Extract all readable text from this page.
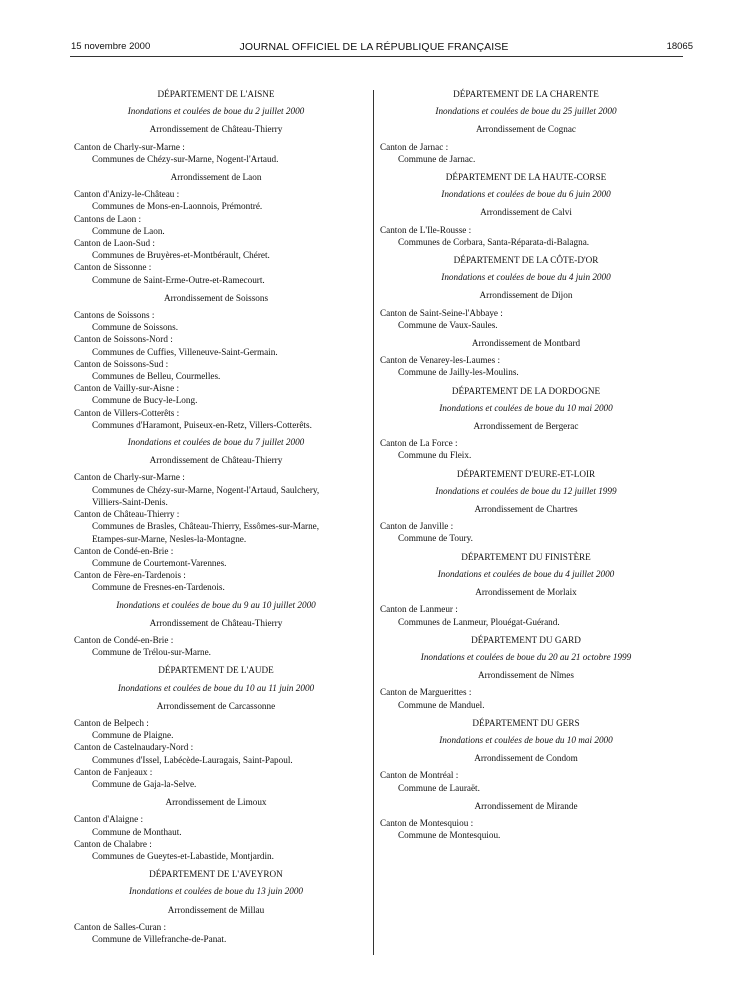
15 novembre 2000	JOURNAL OFFICIEL DE LA RÉPUBLIQUE FRANÇAISE	18065
DÉPARTEMENT DE L'AISNE
Inondations et coulées de boue du 2 juillet 2000
Arrondissement de Château-Thierry
Canton de Charly-sur-Marne :
Communes de Chézy-sur-Marne, Nogent-l'Artaud.
Arrondissement de Laon
Canton d'Anizy-le-Château :
Communes de Mons-en-Laonnois, Prémontré.
Cantons de Laon :
Commune de Laon.
Canton de Laon-Sud :
Communes de Bruyères-et-Montbérault, Chéret.
Canton de Sissonne :
Commune de Saint-Erme-Outre-et-Ramecourt.
Arrondissement de Soissons
Cantons de Soissons :
Commune de Soissons.
Canton de Soissons-Nord :
Communes de Cuffies, Villeneuve-Saint-Germain.
Canton de Soissons-Sud :
Communes de Belleu, Courmelles.
Canton de Vailly-sur-Aisne :
Commune de Bucy-le-Long.
Canton de Villers-Cotterêts :
Communes d'Haramont, Puiseux-en-Retz, Villers-Cotterêts.
Inondations et coulées de boue du 7 juillet 2000
Arrondissement de Château-Thierry
Canton de Charly-sur-Marne :
Communes de Chézy-sur-Marne, Nogent-l'Artaud, Saulchery,
Villiers-Saint-Denis.
Canton de Château-Thierry :
Communes de Brasles, Château-Thierry, Essômes-sur-Marne,
Etampes-sur-Marne, Nesles-la-Montagne.
Canton de Condé-en-Brie :
Commune de Courtemont-Varennes.
Canton de Fère-en-Tardenois :
Commune de Fresnes-en-Tardenois.
Inondations et coulées de boue du 9 au 10 juillet 2000
Arrondissement de Château-Thierry
Canton de Condé-en-Brie :
Commune de Trélou-sur-Marne.
DÉPARTEMENT DE L'AUDE
Inondations et coulées de boue du 10 au 11 juin 2000
Arrondissement de Carcassonne
Canton de Belpech :
Commune de Plaigne.
Canton de Castelnaudary-Nord :
Communes d'Issel, Labécède-Lauragais, Saint-Papoul.
Canton de Fanjeaux :
Commune de Gaja-la-Selve.
Arrondissement de Limoux
Canton d'Alaigne :
Commune de Monthaut.
Canton de Chalabre :
Communes de Gueytes-et-Labastide, Montjardin.
DÉPARTEMENT DE L'AVEYRON
Inondations et coulées de boue du 13 juin 2000
Arrondissement de Millau
Canton de Salles-Curan :
Commune de Villefranche-de-Panat.
DÉPARTEMENT DE LA CHARENTE
Inondations et coulées de boue du 25 juillet 2000
Arrondissement de Cognac
Canton de Jarnac :
Commune de Jarnac.
DÉPARTEMENT DE LA HAUTE-CORSE
Inondations et coulées de boue du 6 juin 2000
Arrondissement de Calvi
Canton de L'Ile-Rousse :
Communes de Corbara, Santa-Réparata-di-Balagna.
DÉPARTEMENT DE LA CÔTE-D'OR
Inondations et coulées de boue du 4 juin 2000
Arrondissement de Dijon
Canton de Saint-Seine-l'Abbaye :
Commune de Vaux-Saules.
Arrondissement de Montbard
Canton de Venarey-les-Laumes :
Commune de Jailly-les-Moulins.
DÉPARTEMENT DE LA DORDOGNE
Inondations et coulées de boue du 10 mai 2000
Arrondissement de Bergerac
Canton de La Force :
Commune du Fleix.
DÉPARTEMENT D'EURE-ET-LOIR
Inondations et coulées de boue du 12 juillet 1999
Arrondissement de Chartres
Canton de Janville :
Commune de Toury.
DÉPARTEMENT DU FINISTÈRE
Inondations et coulées de boue du 4 juillet 2000
Arrondissement de Morlaix
Canton de Lanmeur :
Communes de Lanmeur, Plouégat-Guérand.
DÉPARTEMENT DU GARD
Inondations et coulées de boue du 20 au 21 octobre 1999
Arrondissement de Nîmes
Canton de Marguerittes :
Commune de Manduel.
DÉPARTEMENT DU GERS
Inondations et coulées de boue du 10 mai 2000
Arrondissement de Condom
Canton de Montréal :
Commune de Lauraët.
Arrondissement de Mirande
Canton de Montesquiou :
Commune de Montesquiou.
